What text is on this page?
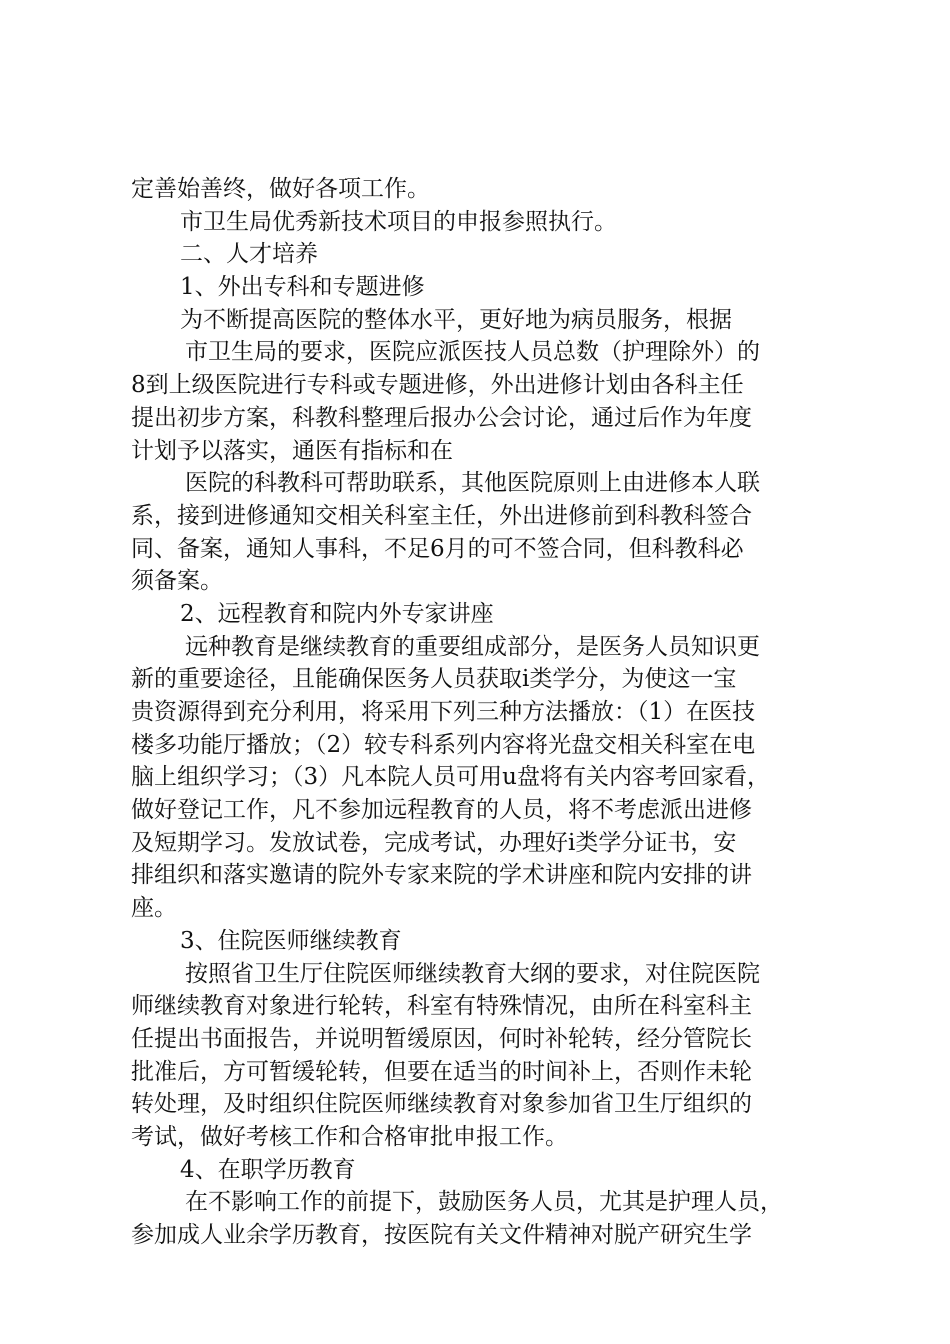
定善始善终，做好各项工作。
市卫生局优秀新技术项目的申报参照执行。
二、人才培养
1、外出专科和专题进修
为不断提高医院的整体水平，更好地为病员服务，根据
市卫生局的要求，医院应派医技人员总数（护理除外）的
8到上级医院进行专科或专题进修，外出进修计划由各科主任
提出初步方案，科教科整理后报办公会讨论，通过后作为年度
计划予以落实，通医有指标和在
医院的科教科可帮助联系，其他医院原则上由进修本人联
系，接到进修通知交相关科室主任，外出进修前到科教科签合
同、备案，通知人事科，不足6月的可不签合同，但科教科必
须备案。
2、远程教育和院内外专家讲座
远种教育是继续教育的重要组成部分，是医务人员知识更
新的重要途径，且能确保医务人员获取ⅰ类学分，为使这一宝
贵资源得到充分利用，将采用下列三种方法播放：（1）在医技
楼多功能厅播放；（2）较专科系列内容将光盘交相关科室在电
脑上组织学习；（3）凡本院人员可用u盘将有关内容考回家看，
做好登记工作，凡不参加远程教育的人员，将不考虑派出进修
及短期学习。发放试卷，完成考试，办理好ⅰ类学分证书，安
排组织和落实邀请的院外专家来院的学术讲座和院内安排的讲
座。
3、住院医师继续教育
按照省卫生厅住院医师继续教育大纲的要求，对住院医院
师继续教育对象进行轮转，科室有特殊情况，由所在科室科主
任提出书面报告，并说明暂缓原因，何时补轮转，经分管院长
批准后，方可暂缓轮转，但要在适当的时间补上，否则作未轮
转处理，及时组织住院医师继续教育对象参加省卫生厅组织的
考试，做好考核工作和合格审批申报工作。
4、在职学历教育
在不影响工作的前提下，鼓励医务人员，尤其是护理人员，
参加成人业余学历教育，按医院有关文件精神对脱产研究生学
